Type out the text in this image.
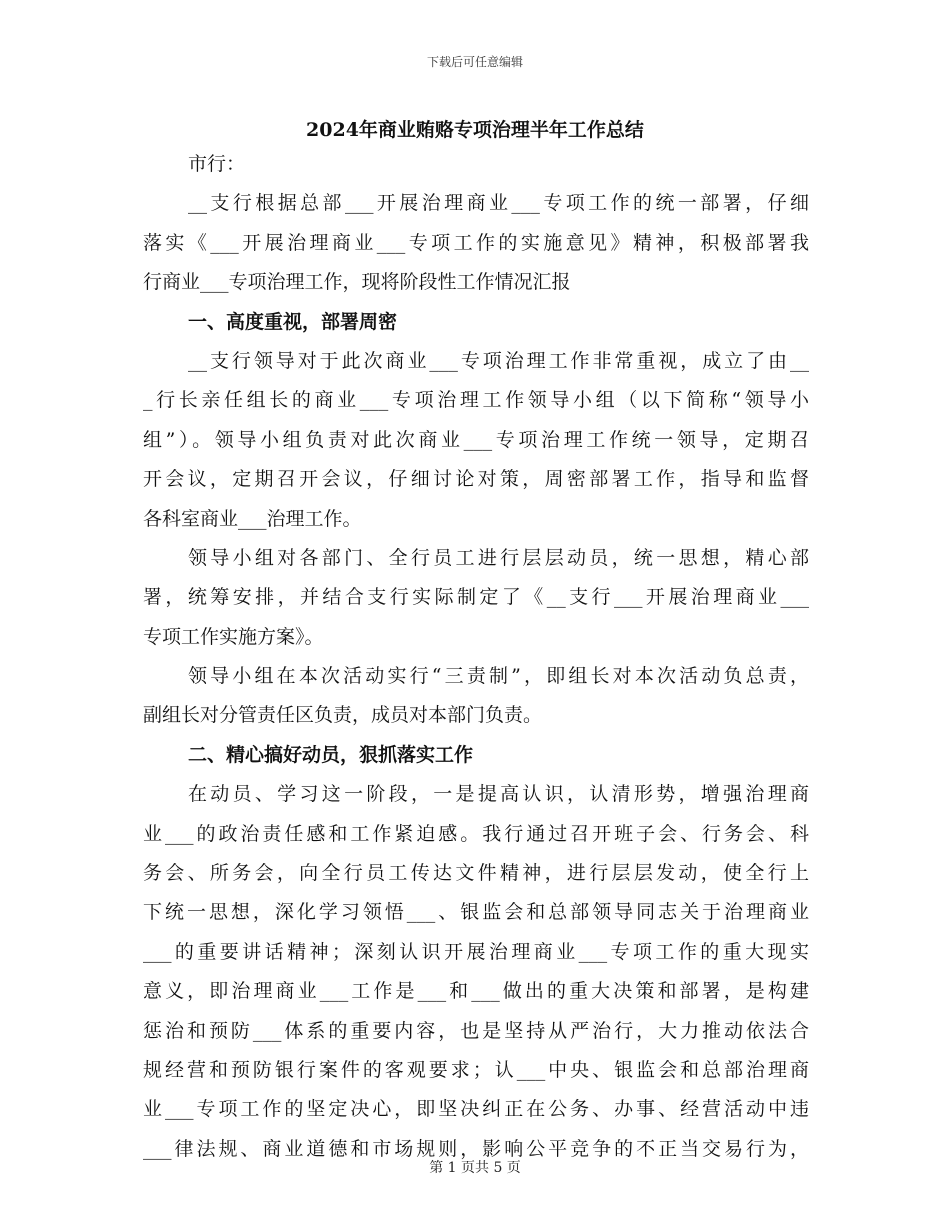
下载后可任意编辑
2024年商业贿赂专项治理半年工作总结
市行：
__支行根据总部___开展治理商业___专项工作的统一部署，仔细
落实《___开展治理商业___专项工作的实施意见》精神，积极部署我
行商业___专项治理工作，现将阶段性工作情况汇报
一、高度重视，部署周密
__支行领导对于此次商业___专项治理工作非常重视，成立了由__
_行长亲任组长的商业___专项治理工作领导小组（以下简称“领导小
组”）。领导小组负责对此次商业___专项治理工作统一领导，定期召
开会议，定期召开会议，仔细讨论对策，周密部署工作，指导和监督
各科室商业___治理工作。
领导小组对各部门、全行员工进行层层动员，统一思想，精心部
署，统筹安排，并结合支行实际制定了《__支行___开展治理商业___
专项工作实施方案》。
领导小组在本次活动实行“三责制”，即组长对本次活动负总责，
副组长对分管责任区负责，成员对本部门负责。
二、精心搞好动员，狠抓落实工作
在动员、学习这一阶段，一是提高认识，认清形势，增强治理商
业___的政治责任感和工作紧迫感。我行通过召开班子会、行务会、科
务会、所务会，向全行员工传达文件精神，进行层层发动，使全行上
下统一思想，深化学习领悟___、银监会和总部领导同志关于治理商业
___的重要讲话精神；深刻认识开展治理商业___专项工作的重大现实
意义，即治理商业___工作是___和___做出的重大决策和部署，是构建
惩治和预防___体系的重要内容，也是坚持从严治行，大力推动依法合
规经营和预防银行案件的客观要求；认___中央、银监会和总部治理商
业___专项工作的坚定决心，即坚决纠正在公务、办事、经营活动中违
___律法规、商业道德和市场规则，影响公平竞争的不正当交易行为，
第 1 页共 5 页
